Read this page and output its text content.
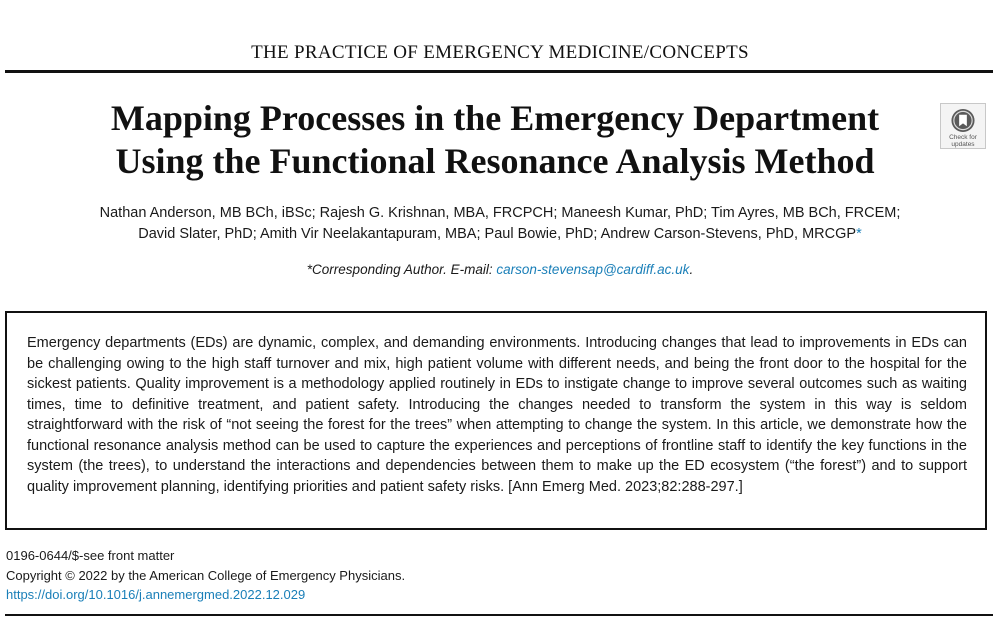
THE PRACTICE OF EMERGENCY MEDICINE/CONCEPTS
Mapping Processes in the Emergency Department
Using the Functional Resonance Analysis Method
Check for updates
Nathan Anderson, MB BCh, iBSc; Rajesh G. Krishnan, MBA, FRCPCH; Maneesh Kumar, PhD; Tim Ayres, MB BCh, FRCEM;
David Slater, PhD; Amith Vir Neelakantapuram, MBA; Paul Bowie, PhD; Andrew Carson-Stevens, PhD, MRCGP*
*Corresponding Author. E-mail: carson-stevensap@cardiff.ac.uk.

Emergency departments (EDs) are dynamic, complex, and demanding environments. Introducing changes that lead to improvements in EDs can be challenging owing to the high staff turnover and mix, high patient volume with different needs, and being the front door to the hospital for the sickest patients. Quality improvement is a methodology applied routinely in EDs to instigate change to improve several outcomes such as waiting times, time to definitive treatment, and patient safety. Introducing the changes needed to transform the system in this way is seldom straightforward with the risk of “not seeing the forest for the trees” when attempting to change the system. In this article, we demonstrate how the functional resonance analysis method can be used to capture the experiences and perceptions of frontline staff to identify the key functions in the system (the trees), to understand the interactions and dependencies between them to make up the ED ecosystem (“the forest”) and to support quality improvement planning, identifying priorities and patient safety risks. [Ann Emerg Med. 2023;82:288-297.]

0196-0644/$-see front matter
Copyright © 2022 by the American College of Emergency Physicians.
https://doi.org/10.1016/j.annemergmed.2022.12.029
